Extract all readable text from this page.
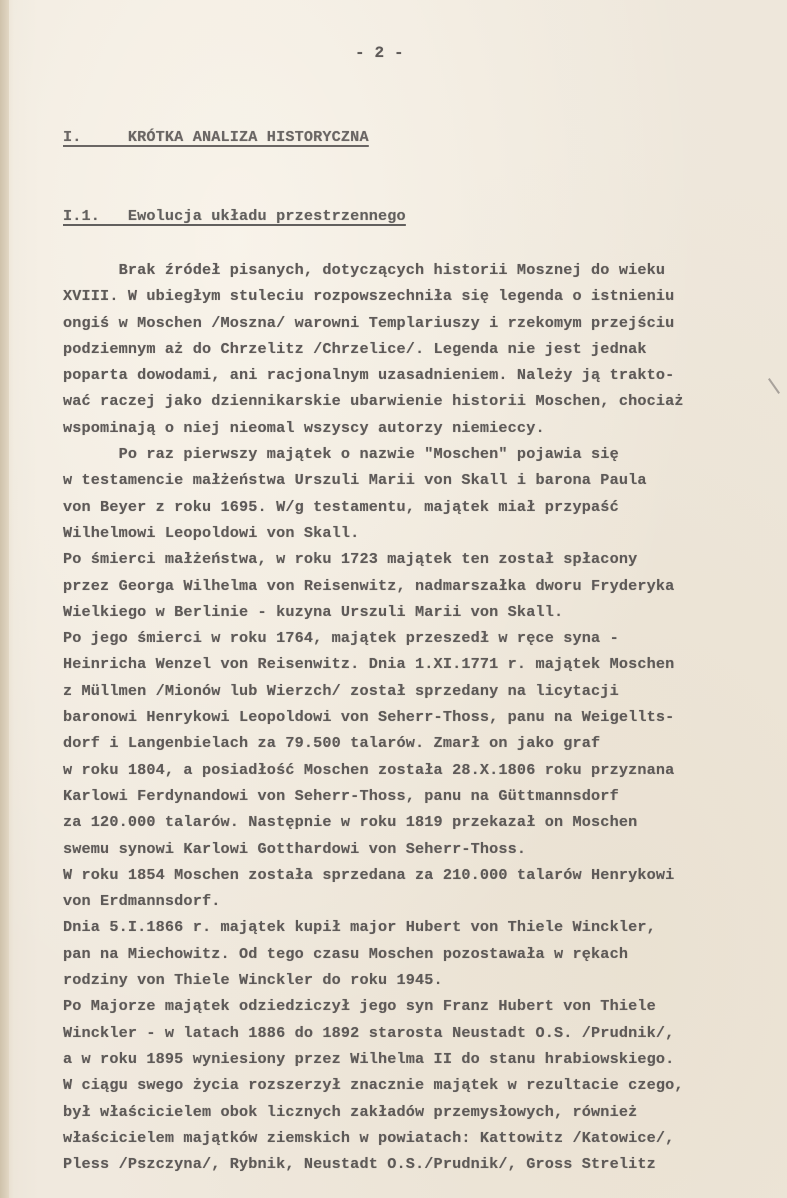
- 2 -
I.     KRÓTKA ANALIZA HISTORYCZNA
I.1.   Ewolucja układu przestrzennego
Brak źródeł pisanych, dotyczących historii Mosznej do wieku
XVIII. W ubiegłym stuleciu rozpowszechniła się legenda o istnieniu
ongiś w Moschen /Moszna/ warowni Templariuszy i rzekomym przejściu
podziemnym aż do Chrzelitz /Chrzelice/. Legenda nie jest jednak
poparta dowodami, ani racjonalnym uzasadnieniem. Należy ją trakto-
wać raczej jako dziennikarskie ubarwienie historii Moschen, chociaż
wspominają o niej nieomal wszyscy autorzy niemieccy.
Po raz pierwszy majątek o nazwie "Moschen" pojawia się
w testamencie małżeństwa Urszuli Marii von Skall i barona Paula
von Beyer z roku 1695. W/g testamentu, majątek miał przypaść
Wilhelmowi Leopoldowi von Skall.
Po śmierci małżeństwa, w roku 1723 majątek ten został spłacony
przez Georga Wilhelma von Reisenwitz, nadmarszałka dworu Fryderyka
Wielkiego w Berlinie - kuzyna Urszuli Marii von Skall.
Po jego śmierci w roku 1764, majątek przeszedł w ręce syna -
Heinricha Wenzel von Reisenwitz. Dnia 1.XI.1771 r. majątek Moschen
z Müllmen /Mionów lub Wierzch/ został sprzedany na licytacji
baronowi Henrykowi Leopoldowi von Seherr-Thoss, panu na Weigellts-
dorf i Langenbielach za 79.500 talarów. Zmarł on jako graf
w roku 1804, a posiadłość Moschen została 28.X.1806 roku przyznana
Karlowi Ferdynandowi von Seherr-Thoss, panu na Güttmannsdorf
za 120.000 talarów. Następnie w roku 1819 przekazał on Moschen
swemu synowi Karlowi Gotthardowi von Seherr-Thoss.
W roku 1854 Moschen została sprzedana za 210.000 talarów Henrykowi
von Erdmannsdorf.
Dnia 5.I.1866 r. majątek kupił major Hubert von Thiele Winckler,
pan na Miechowitz. Od tego czasu Moschen pozostawała w rękach
rodziny von Thiele Winckler do roku 1945.
Po Majorze majątek odziedziczył jego syn Franz Hubert von Thiele
Winckler - w latach 1886 do 1892 starosta Neustadt O.S. /Prudnik/,
a w roku 1895 wyniesiony przez Wilhelma II do stanu hrabiowskiego.
W ciągu swego życia rozszerzył znacznie majątek w rezultacie czego,
był właścicielem obok licznych zakładów przemysłowych, również
właścicielem majątków ziemskich w powiatach: Kattowitz /Katowice/,
Pless /Pszczyna/, Rybnik, Neustadt O.S./Prudnik/, Gross Strelitz
